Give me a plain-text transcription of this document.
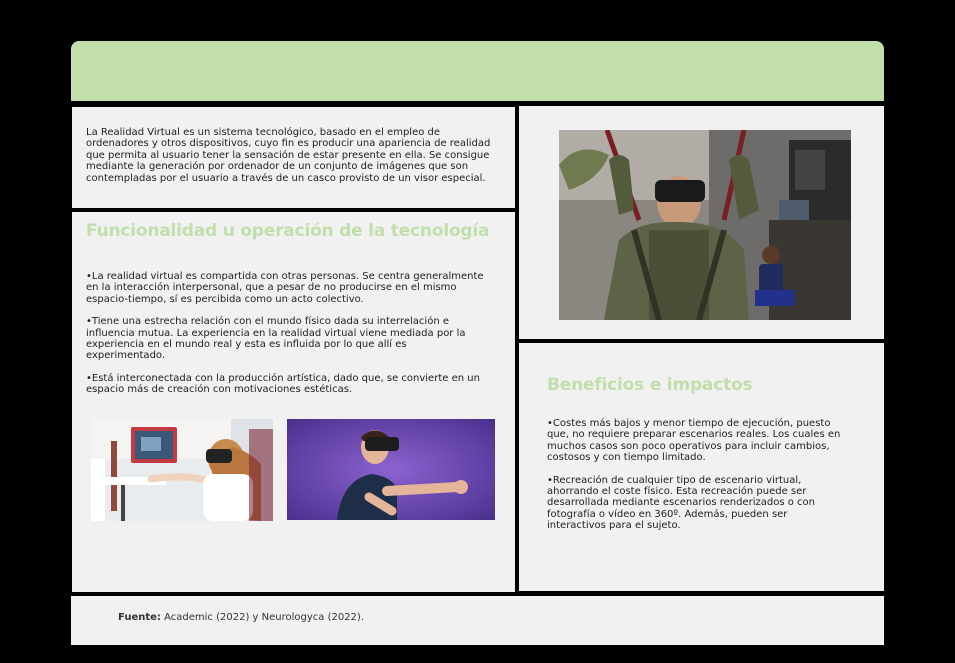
La Realidad Virtual es un sistema tecnológico, basado en el empleo de ordenadores y otros dispositivos, cuyo fin es producir una apariencia de realidad que permita al usuario tener la sensación de estar presente en ella. Se consigue mediante la generación por ordenador de un conjunto de imágenes que son contempladas por el usuario a través de un casco provisto de un visor especial.

Funcionalidad u operación de la tecnología
•La realidad virtual es compartida con otras personas. Se centra generalmente en la interacción interpersonal, que a pesar de no producirse en el mismo espacio-tiempo, sí es percibida como un acto colectivo.
•Tiene una estrecha relación con el mundo físico dada su interrelación e influencia mutua. La experiencia en la realidad virtual viene mediada por la experiencia en el mundo real y esta es influida por lo que allí es experimentado.
•Está interconectada con la producción artística, dado que, se convierte en un espacio más de creación con motivaciones estéticas.	Beneficios e impactos
•Costes más bajos y menor tiempo de ejecución, puesto que, no requiere preparar escenarios reales. Los cuales en muchos casos son poco operativos para incluir cambios, costosos y con tiempo limitado.
•Recreación de cualquier tipo de escenario virtual, ahorrando el coste físico. Esta recreación puede ser desarrollada mediante escenarios renderizados o con fotografía o vídeo en 360º. Además, pueden ser interactivos para el sujeto.

Fuente: Academic (2022) y Neurologyca (2022).
